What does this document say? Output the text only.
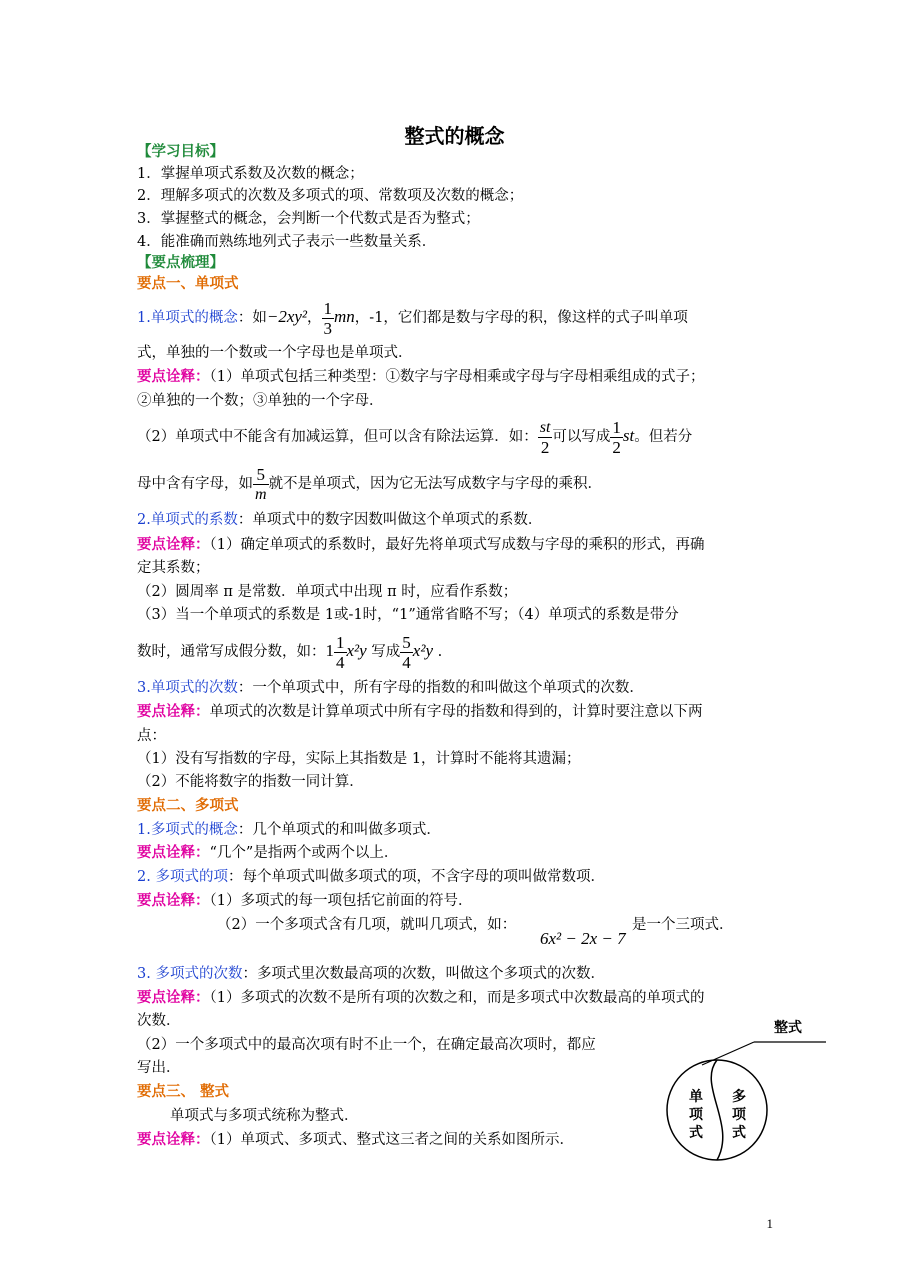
整式的概念
【学习目标】
1．掌握单项式系数及次数的概念；
2．理解多项式的次数及多项式的项、常数项及次数的概念；
3．掌握整式的概念，会判断一个代数式是否为整式；
4．能准确而熟练地列式子表示一些数量关系．
【要点梳理】
要点一、单项式
1.单项式的概念：如−2xy²， $\frac{1}{3}$ mn，-1，它们都是数与字母的积，像这样的式子叫单项
式，单独的一个数或一个字母也是单项式．
要点诠释：（1）单项式包括三种类型：①数字与字母相乘或字母与字母相乘组成的式子；
②单独的一个数；③单独的一个字母．
（2）单项式中不能含有加减运算，但可以含有除法运算．如： $\frac{st}{2}$ 可以写成 $\frac{1}{2}$ st。但若分
母中含有字母，如 $\frac{5}{m}$ 就不是单项式，因为它无法写成数字与字母的乘积．
2.单项式的系数：单项式中的数字因数叫做这个单项式的系数．
要点诠释：（1）确定单项式的系数时，最好先将单项式写成数与字母的乘积的形式，再确
定其系数；
（2）圆周率 π 是常数．单项式中出现 π 时，应看作系数；
（3）当一个单项式的系数是 1或-1时，“1”通常省略不写；（4）单项式的系数是带分
数时，通常写成假分数，如：$1 \frac{1}{4} x^2y$ 写成 $\frac{5}{4} x^2y$ .
3.单项式的次数：一个单项式中，所有字母的指数的和叫做这个单项式的次数．
要点诠释：单项式的次数是计算单项式中所有字母的指数和得到的，计算时要注意以下两
点：
（1）没有写指数的字母，实际上其指数是 1，计算时不能将其遗漏；
（2）不能将数字的指数一同计算．
要点二、多项式
1.多项式的概念：几个单项式的和叫做多项式．
要点诠释：“几个”是指两个或两个以上．
2. 多项式的项：每个单项式叫做多项式的项，不含字母的项叫做常数项．
要点诠释：（1）多项式的每一项包括它前面的符号．
（2）一个多项式含有几项，就叫几项式，如：
6x² − 2x − 7
是一个三项式．
3. 多项式的次数：多项式里次数最高项的次数，叫做这个多项式的次数．
要点诠释：（1）多项式的次数不是所有项的次数之和，而是多项式中次数最高的单项式的
次数．
（2）一个多项式中的最高次项有时不止一个，在确定最高次项时，都应
写出．
要点三、 整式
单项式与多项式统称为整式．
要点诠释：（1）单项式、多项式、整式这三者之间的关系如图所示．
整式
单
项
式
多
项
式
1
